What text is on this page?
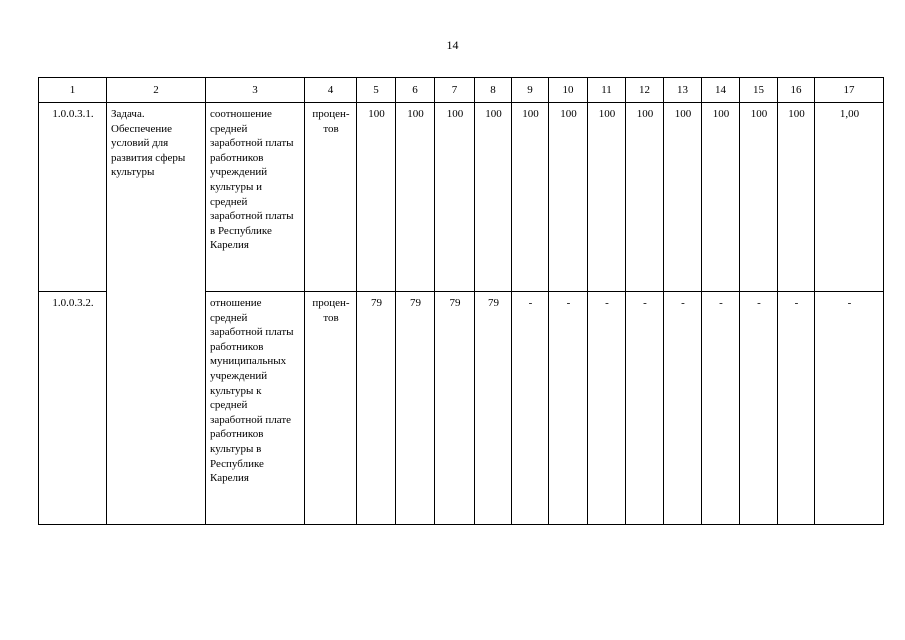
14
1	2	3	4	5	6	7	8	9	10	11	12	13	14	15	16	17
1.0.0.3.1.	Задача. Обеспечение условий для развития сферы культуры	соотношение средней заработной платы работников учреждений культуры и средней заработной платы в Республике Карелия	процен-тов	100	100	100	100	100	100	100	100	100	100	100	100	1,00
1.0.0.3.2.		отношение средней заработной платы работников муниципальных учреждений культуры к средней заработной плате работников культуры в Республике Карелия	процен-тов	79	79	79	79	-	-	-	-	-	-	-	-	-
